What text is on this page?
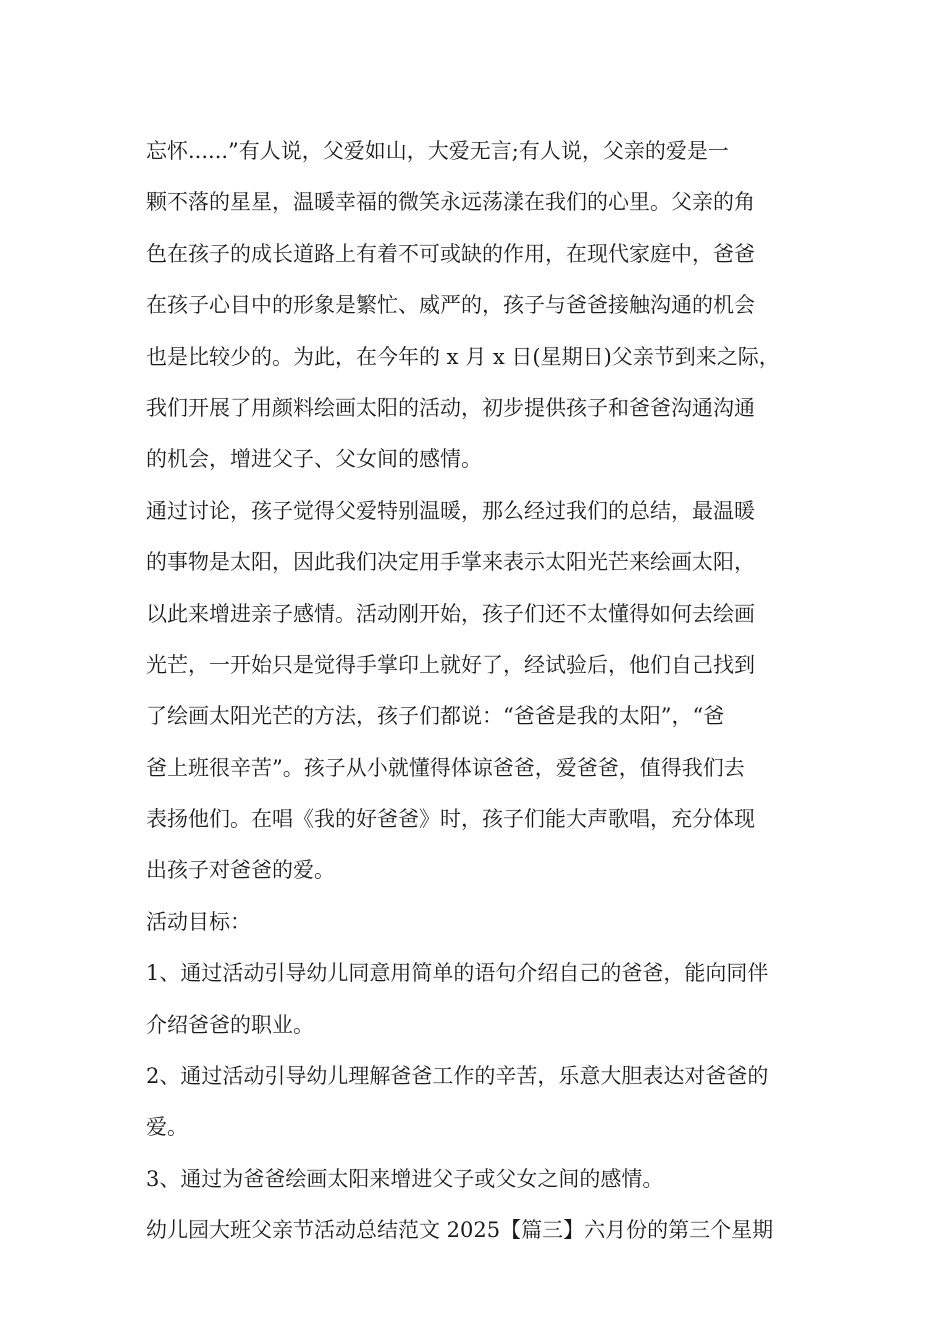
忘怀......”有人说，父爱如山，大爱无言;有人说，父亲的爱是一
颗不落的星星，温暖幸福的微笑永远荡漾在我们的心里。父亲的角
色在孩子的成长道路上有着不可或缺的作用，在现代家庭中，爸爸
在孩子心目中的形象是繁忙、威严的，孩子与爸爸接触沟通的机会
也是比较少的。为此，在今年的 x 月 x 日(星期日)父亲节到来之际，
我们开展了用颜料绘画太阳的活动，初步提供孩子和爸爸沟通沟通
的机会，增进父子、父女间的感情。
通过讨论，孩子觉得父爱特别温暖，那么经过我们的总结，最温暖
的事物是太阳，因此我们决定用手掌来表示太阳光芒来绘画太阳，
以此来增进亲子感情。活动刚开始，孩子们还不太懂得如何去绘画
光芒，一开始只是觉得手掌印上就好了，经试验后，他们自己找到
了绘画太阳光芒的方法，孩子们都说：“爸爸是我的太阳”，“爸
爸上班很辛苦”。孩子从小就懂得体谅爸爸，爱爸爸，值得我们去
表扬他们。在唱《我的好爸爸》时，孩子们能大声歌唱，充分体现
出孩子对爸爸的爱。
活动目标：
1、通过活动引导幼儿同意用简单的语句介绍自己的爸爸，能向同伴
介绍爸爸的职业。
2、通过活动引导幼儿理解爸爸工作的辛苦，乐意大胆表达对爸爸的
爱。
3、通过为爸爸绘画太阳来增进父子或父女之间的感情。
幼儿园大班父亲节活动总结范文 2025【篇三】六月份的第三个星期
